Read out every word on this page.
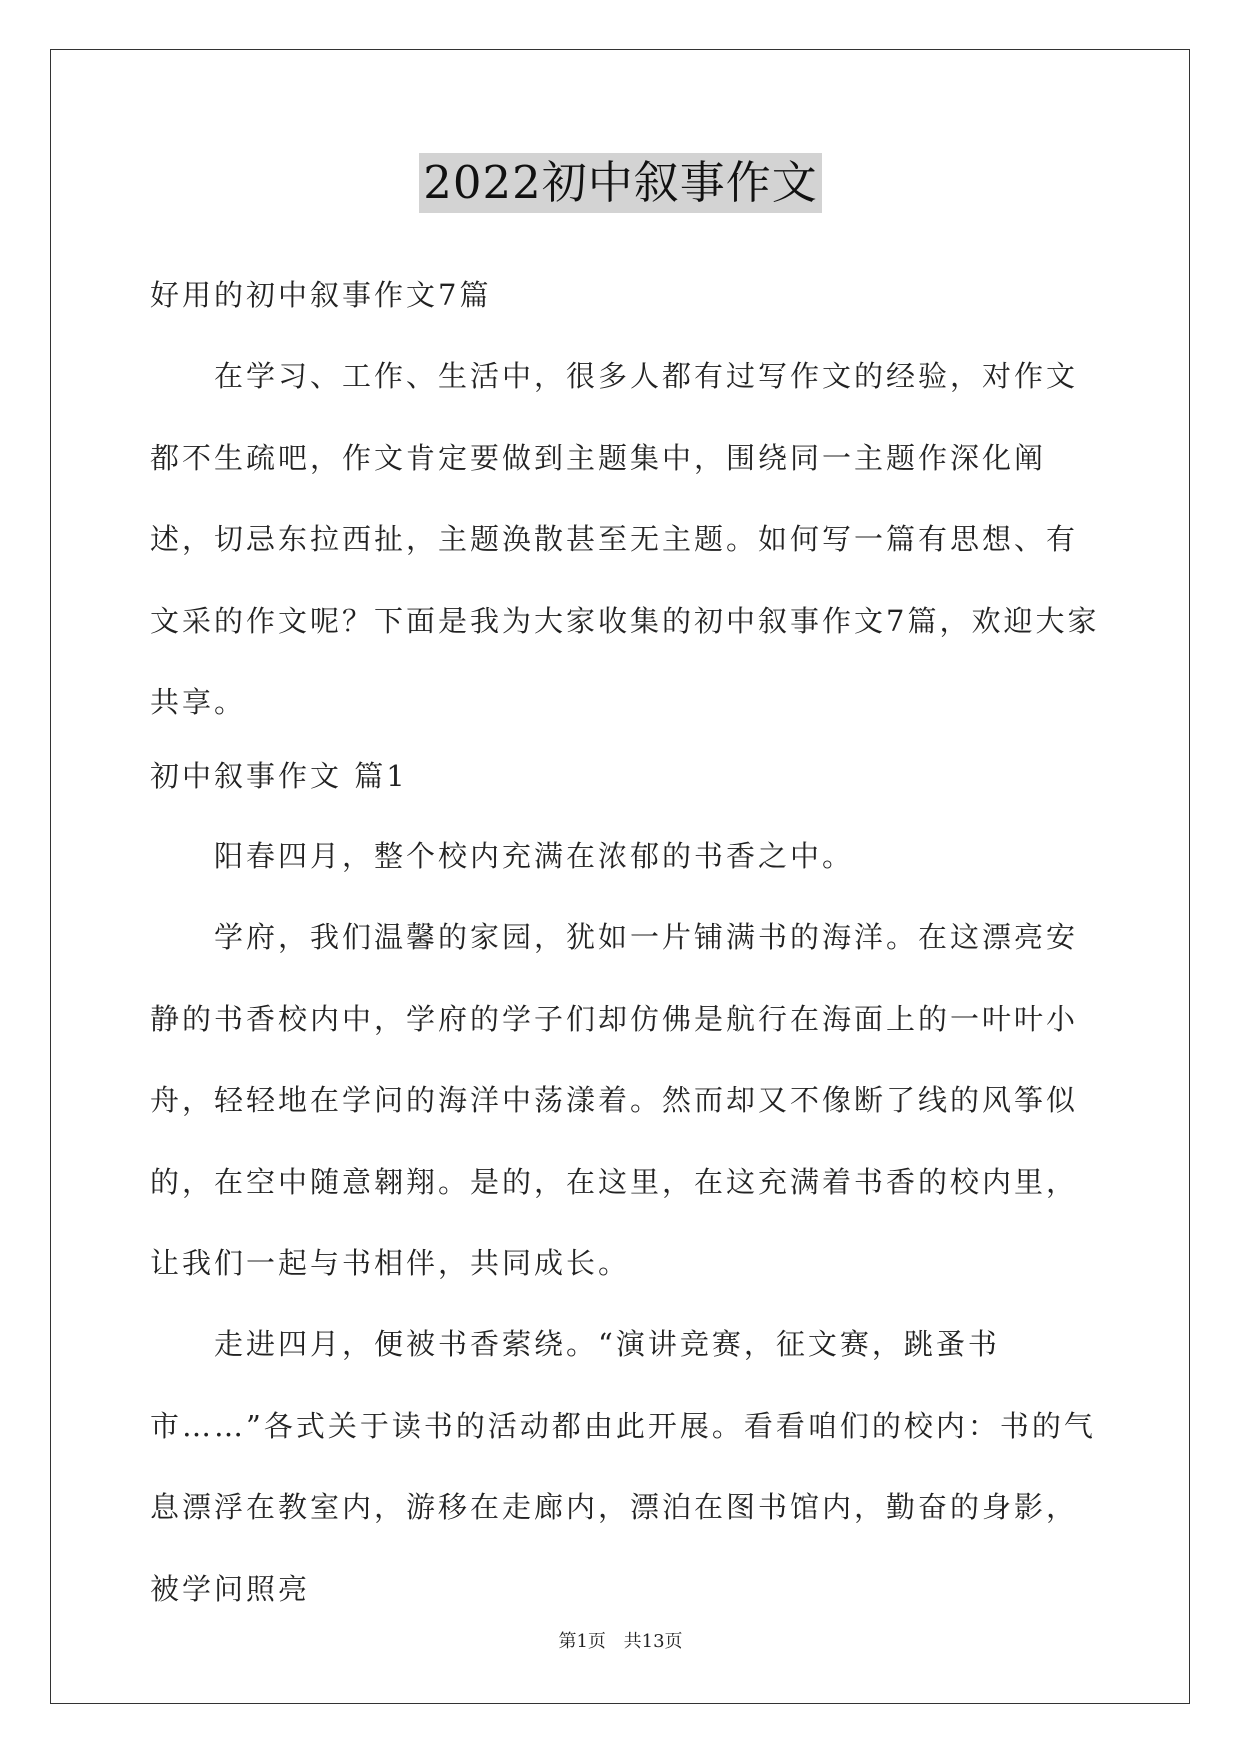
2022初中叙事作文

好用的初中叙事作文7篇

在学习、工作、生活中，很多人都有过写作文的经验，对作文都不生疏吧，作文肯定要做到主题集中，围绕同一主题作深化阐述，切忌东拉西扯，主题涣散甚至无主题。如何写一篇有思想、有文采的作文呢？下面是我为大家收集的初中叙事作文7篇，欢迎大家共享。

初中叙事作文 篇1

阳春四月，整个校内充满在浓郁的书香之中。

学府，我们温馨的家园，犹如一片铺满书的海洋。在这漂亮安静的书香校内中，学府的学子们却仿佛是航行在海面上的一叶叶小舟，轻轻地在学问的海洋中荡漾着。然而却又不像断了线的风筝似的，在空中随意翱翔。是的，在这里，在这充满着书香的校内里，让我们一起与书相伴，共同成长。

走进四月，便被书香萦绕。“演讲竞赛，征文赛，跳蚤书市……”各式关于读书的活动都由此开展。看看咱们的校内：书的气息漂浮在教室内，游移在走廊内，漂泊在图书馆内，勤奋的身影，被学问照亮

第1页 共13页
